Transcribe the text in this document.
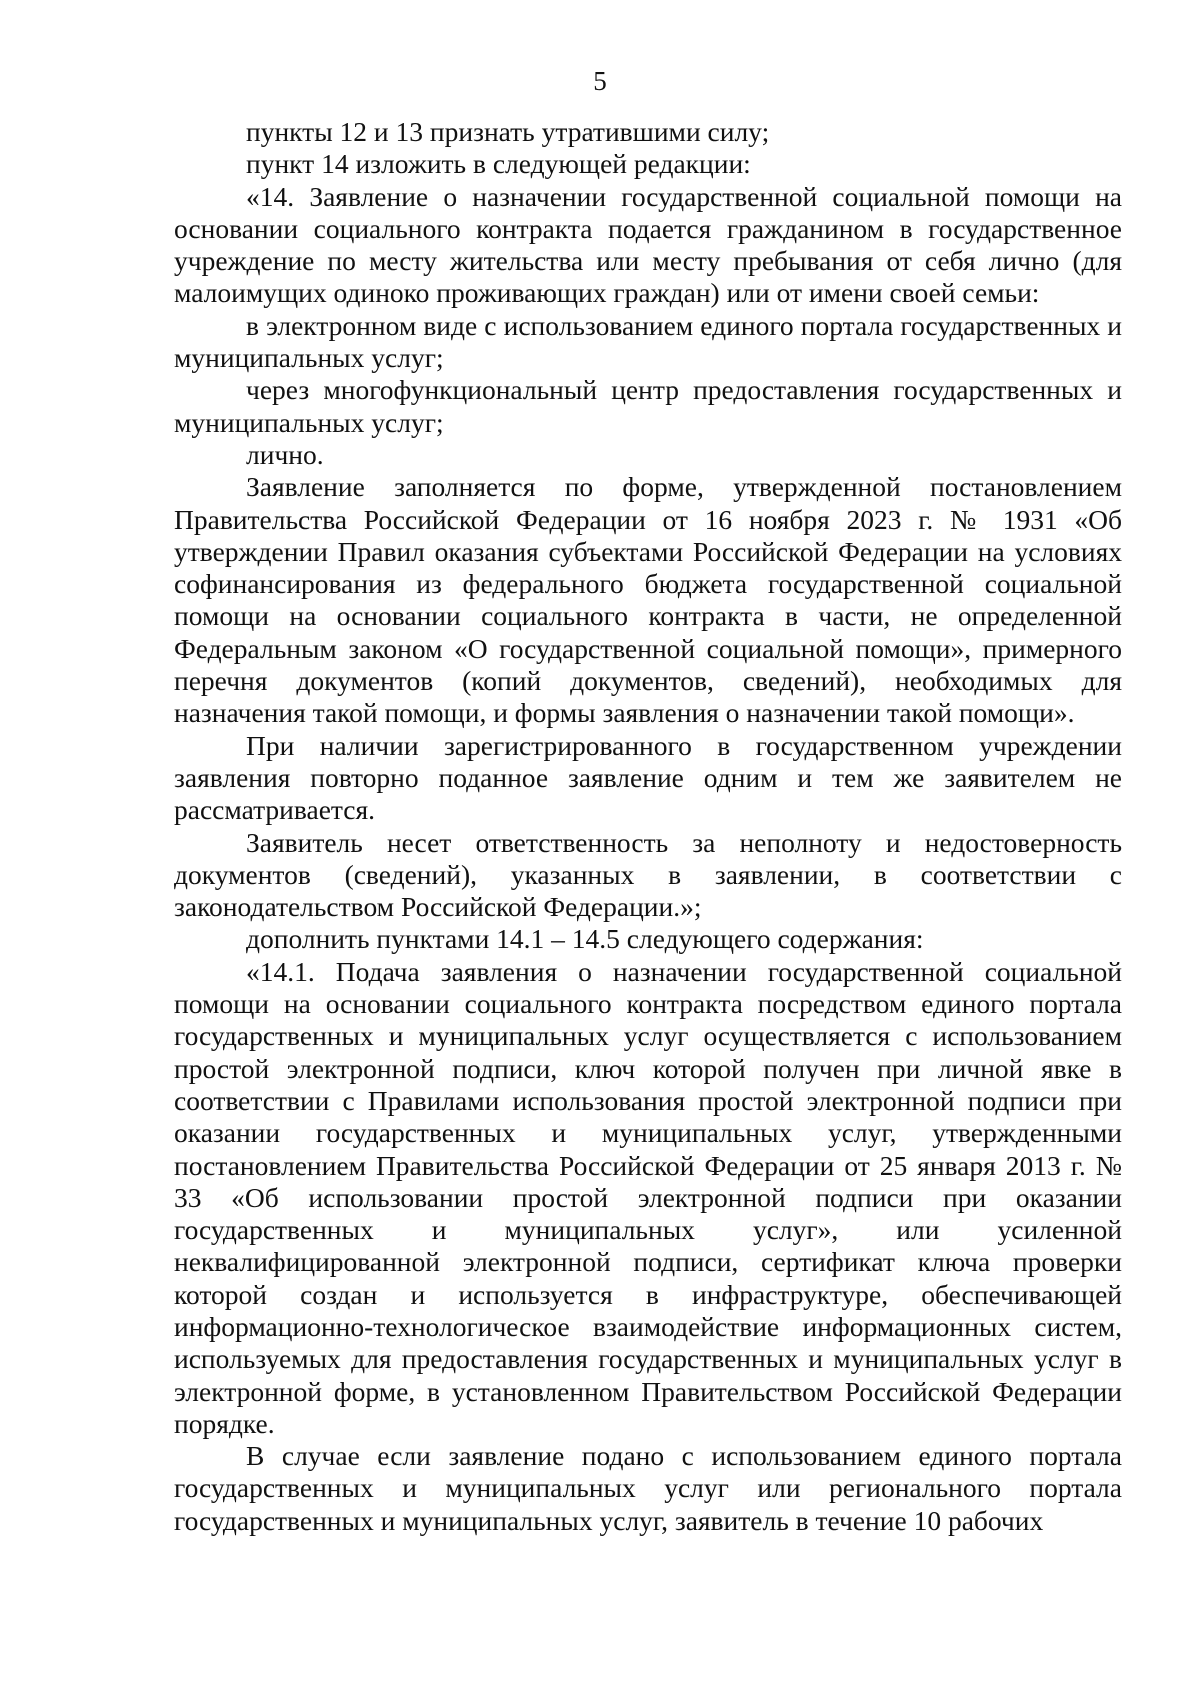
5

пункты 12 и 13 признать утратившими силу;

пункт 14 изложить в следующей редакции:

«14. Заявление о назначении государственной социальной помощи на основании социального контракта подается гражданином в государственное учреждение по месту жительства или месту пребывания от себя лично (для малоимущих одиноко проживающих граждан) или от имени своей семьи:

в электронном виде с использованием единого портала государственных и муниципальных услуг;

через многофункциональный центр предоставления государственных и муниципальных услуг;

лично.

Заявление заполняется по форме, утвержденной постановлением Правительства Российской Федерации от 16 ноября 2023 г. № 1931 «Об утверждении Правил оказания субъектами Российской Федерации на условиях софинансирования из федерального бюджета государственной социальной помощи на основании социального контракта в части, не определенной Федеральным законом «О государственной социальной помощи», примерного перечня документов (копий документов, сведений), необходимых для назначения такой помощи, и формы заявления о назначении такой помощи».

При наличии зарегистрированного в государственном учреждении заявления повторно поданное заявление одним и тем же заявителем не рассматривается.

Заявитель несет ответственность за неполноту и недостоверность документов (сведений), указанных в заявлении, в соответствии с законодательством Российской Федерации.»;

дополнить пунктами 14.1 – 14.5 следующего содержания:

«14.1. Подача заявления о назначении государственной социальной помощи на основании социального контракта посредством единого портала государственных и муниципальных услуг осуществляется с использованием простой электронной подписи, ключ которой получен при личной явке в соответствии с Правилами использования простой электронной подписи при оказании государственных и муниципальных услуг, утвержденными постановлением Правительства Российской Федерации от 25 января 2013 г. № 33 «Об использовании простой электронной подписи при оказании государственных и муниципальных услуг», или усиленной неквалифицированной электронной подписи, сертификат ключа проверки которой создан и используется в инфраструктуре, обеспечивающей информационно-технологическое взаимодействие информационных систем, используемых для предоставления государственных и муниципальных услуг в электронной форме, в установленном Правительством Российской Федерации порядке.

В случае если заявление подано с использованием единого портала государственных и муниципальных услуг или регионального портала государственных и муниципальных услуг, заявитель в течение 10 рабочих
